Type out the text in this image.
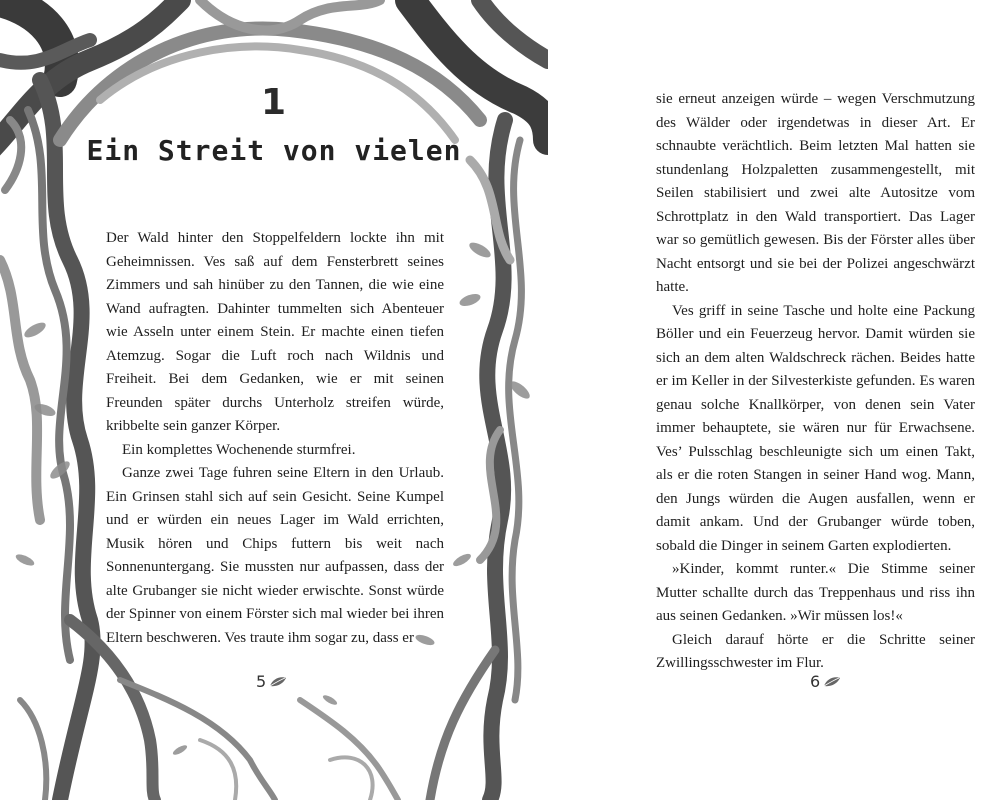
1
Ein Streit von vielen

Der Wald hinter den Stoppelfeldern lockte ihn mit Geheimnissen. Ves saß auf dem Fensterbrett seines Zimmers und sah hinüber zu den Tannen, die wie eine Wand aufragten. Dahinter tummelten sich Abenteuer wie Asseln unter einem Stein. Er machte einen tiefen Atemzug. Sogar die Luft roch nach Wildnis und Freiheit. Bei dem Gedanken, wie er mit seinen Freunden später durchs Unterholz streifen würde, kribbelte sein ganzer Körper.

Ein komplettes Wochenende sturmfrei.

Ganze zwei Tage fuhren seine Eltern in den Urlaub. Ein Grinsen stahl sich auf sein Gesicht. Seine Kumpel und er würden ein neues Lager im Wald errichten, Musik hören und Chips futtern bis weit nach Sonnenuntergang. Sie mussten nur aufpassen, dass der alte Grubanger sie nicht wieder erwischte. Sonst würde der Spinner von einem Förster sich mal wieder bei ihren Eltern beschweren. Ves traute ihm sogar zu, dass er

5

sie erneut anzeigen würde – wegen Verschmutzung des Wälder oder irgendetwas in dieser Art. Er schnaubte verächtlich. Beim letzten Mal hatten sie stundenlang Holzpaletten zusammengestellt, mit Seilen stabilisiert und zwei alte Autositze vom Schrottplatz in den Wald transportiert. Das Lager war so gemütlich gewesen. Bis der Förster alles über Nacht entsorgt und sie bei der Polizei angeschwärzt hatte.

Ves griff in seine Tasche und holte eine Packung Böller und ein Feuerzeug hervor. Damit würden sie sich an dem alten Waldschreck rächen. Beides hatte er im Keller in der Silvesterkiste gefunden. Es waren genau solche Knallkörper, von denen sein Vater immer behauptete, sie wären nur für Erwachsene. Ves’ Pulsschlag beschleunigte sich um einen Takt, als er die roten Stangen in seiner Hand wog. Mann, den Jungs würden die Augen ausfallen, wenn er damit ankam. Und der Grubanger würde toben, sobald die Dinger in seinem Garten explodierten.

»Kinder, kommt runter.« Die Stimme seiner Mutter schallte durch das Treppenhaus und riss ihn aus seinen Gedanken. »Wir müssen los!«

Gleich darauf hörte er die Schritte seiner Zwillingsschwester im Flur.

6
